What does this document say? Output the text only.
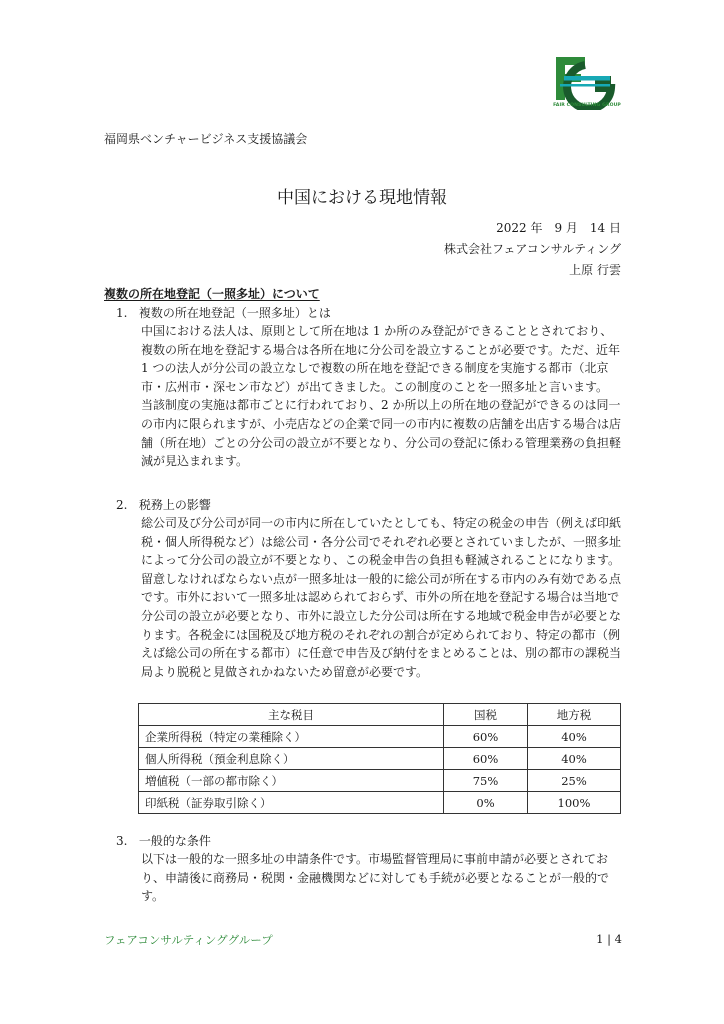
FAIR CONSULTING GROUP
福岡県ベンチャービジネス支援協議会
中国における現地情報
2022 年　9 月　14 日
株式会社フェアコンサルティング
上原 行雲
複数の所在地登記（一照多址）について
1.   複数の所在地登記（一照多址）とは

中国における法人は、原則として所在地は 1 か所のみ登記ができることとされており、複数の所在地を登記する場合は各所在地に分公司を設立することが必要です。ただ、近年 1 つの法人が分公司の設立なしで複数の所在地を登記できる制度を実施する都市（北京市・広州市・深セン市など）が出てきました。この制度のことを一照多址と言います。

当該制度の実施は都市ごとに行われており、2 か所以上の所在地の登記ができるのは同一の市内に限られますが、小売店などの企業で同一の市内に複数の店舗を出店する場合は店舗（所在地）ごとの分公司の設立が不要となり、分公司の登記に係わる管理業務の負担軽減が見込まれます。

2.   税務上の影響

総公司及び分公司が同一の市内に所在していたとしても、特定の税金の申告（例えば印紙税・個人所得税など）は総公司・各分公司でそれぞれ必要とされていましたが、一照多址によって分公司の設立が不要となり、この税金申告の負担も軽減されることになります。

留意しなければならない点が一照多址は一般的に総公司が所在する市内のみ有効である点です。市外において一照多址は認められておらず、市外の所在地を登記する場合は当地で分公司の設立が必要となり、市外に設立した分公司は所在する地域で税金申告が必要となります。各税金には国税及び地方税のそれぞれの割合が定められており、特定の都市（例えば総公司の所在する都市）に任意で申告及び納付をまとめることは、別の都市の課税当局より脱税と見做されかねないため留意が必要です。

主な税目	国税	地方税
企業所得税（特定の業種除く）	60%	40%
個人所得税（預金利息除く）	60%	40%
増値税（一部の都市除く）	75%	25%
印紙税（証券取引除く）	0%	100%
3.   一般的な条件

以下は一般的な一照多址の申請条件です。市場監督管理局に事前申請が必要とされており、申請後に商務局・税関・金融機関などに対しても手続が必要となることが一般的です。

フェアコンサルティンググループ	1 | 4
